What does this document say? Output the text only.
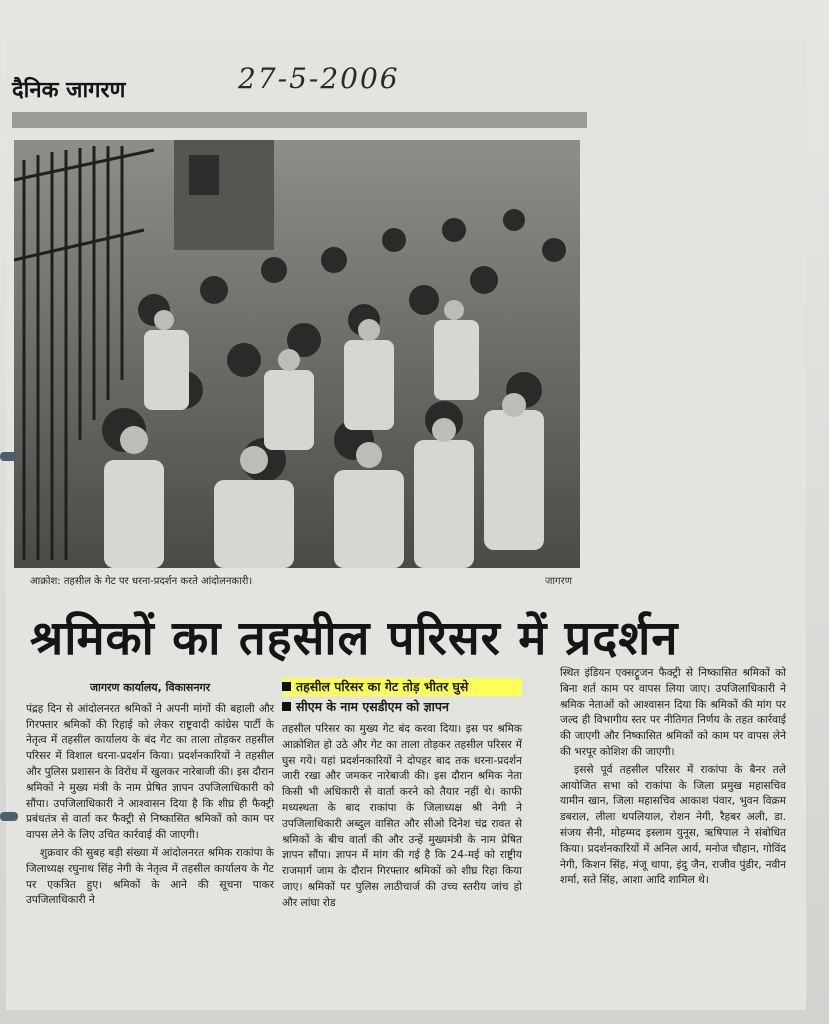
दैनिक जागरण	27-5-2006
आक्रोश: तहसील के गेट पर धरना-प्रदर्शन करते आंदोलनकारी।	जागरण
श्रमिकों का तहसील परिसर में प्रदर्शन
जागरण कार्यालय, विकासनगर

पंद्रह दिन से आंदोलनरत श्रमिकों ने अपनी मांगों की बहाली और गिरफ्तार श्रमिकों की रिहाई को लेकर राष्ट्रवादी कांग्रेस पार्टी के नेतृत्व में तहसील कार्यालय के बंद गेट का ताला तोड़कर तहसील परिसर में विशाल धरना-प्रदर्शन किया। प्रदर्शनकारियों ने तहसील और पुलिस प्रशासन के विरोध में खुलकर नारेबाजी की। इस दौरान श्रमिकों ने मुख्य मंत्री के नाम प्रेषित ज्ञापन उपजिलाधिकारी को सौंपा। उपजिलाधिकारी ने आश्वासन दिया है कि शीघ्र ही फैक्ट्री प्रबंधतंत्र से वार्ता कर फैक्ट्री से निष्कासित श्रमिकों को काम पर वापस लेने के लिए उचित कार्रवाई की जाएगी।

शुक्रवार की सुबह बड़ी संख्या में आंदोलनरत श्रमिक राकांपा के जिलाध्यक्ष रघुनाथ सिंह नेगी के नेतृत्व में तहसील कार्यालय के गेट पर एकत्रित हुए। श्रमिकों के आने की सूचना पाकर उपजिलाधिकारी ने

तहसील परिसर का गेट तोड़ भीतर घुसे
सीएम के नाम एसडीएम को ज्ञापन

तहसील परिसर का मुख्य गेट बंद करवा दिया। इस पर श्रमिक आक्रोशित हो उठे और गेट का ताला तोड़कर तहसील परिसर में घुस गये। यहां प्रदर्शनकारियों ने दोपहर बाद तक धरना-प्रदर्शन जारी रखा और जमकर नारेबाजी की। इस दौरान श्रमिक नेता किसी भी अधिकारी से वार्ता करने को तैयार नहीं थे। काफी मध्यस्थता के बाद राकांपा के जिलाध्यक्ष श्री नेगी ने उपजिलाधिकारी अब्दुल वासित और सीओ दिनेश चंद्र रावत से श्रमिकों के बीच वार्ता की और उन्हें मुख्यमंत्री के नाम प्रेषित ज्ञापन सौंपा। ज्ञापन में मांग की गई है कि 24-मई को राष्ट्रीय राजमार्ग जाम के दौरान गिरफ्तार श्रमिकों को शीघ्र रिहा किया जाए। श्रमिकों पर पुलिस लाठीचार्ज की उच्च स्तरीय जांच हो और लांघा रोड

स्थित इंडियन एक्सट्रूजन फैक्ट्री से निष्कासित श्रमिकों को बिना शर्त काम पर वापस लिया जाए। उपजिलाधिकारी ने श्रमिक नेताओं को आश्वासन दिया कि श्रमिकों की मांग पर जल्द ही विभागीय स्तर पर नीतिगत निर्णय के तहत कार्रवाई की जाएगी और निष्कासित श्रमिकों को काम पर वापस लेने की भरपूर कोशिश की जाएगी।

इससे पूर्व तहसील परिसर में राकांपा के बैनर तले आयोजित सभा को राकांपा के जिला प्रमुख महासचिव यामीन खान, जिला महासचिव आकाश पंवार, भुवन विक्रम डबराल, लीला थपलियाल, रोशन नेगी, रैहबर अली, डा. संजय सैनी, मोहम्मद इस्लाम युनूस, ऋषिपाल ने संबोधित किया। प्रदर्शनकारियों में अनिल आर्य, मनोज चौहान, गोविंद नेगी, किशन सिंह, मंजू थापा, इंदु जैन, राजीव पुंडीर, नवीन शर्मा, सते सिंह, आशा आदि शामिल थे।
